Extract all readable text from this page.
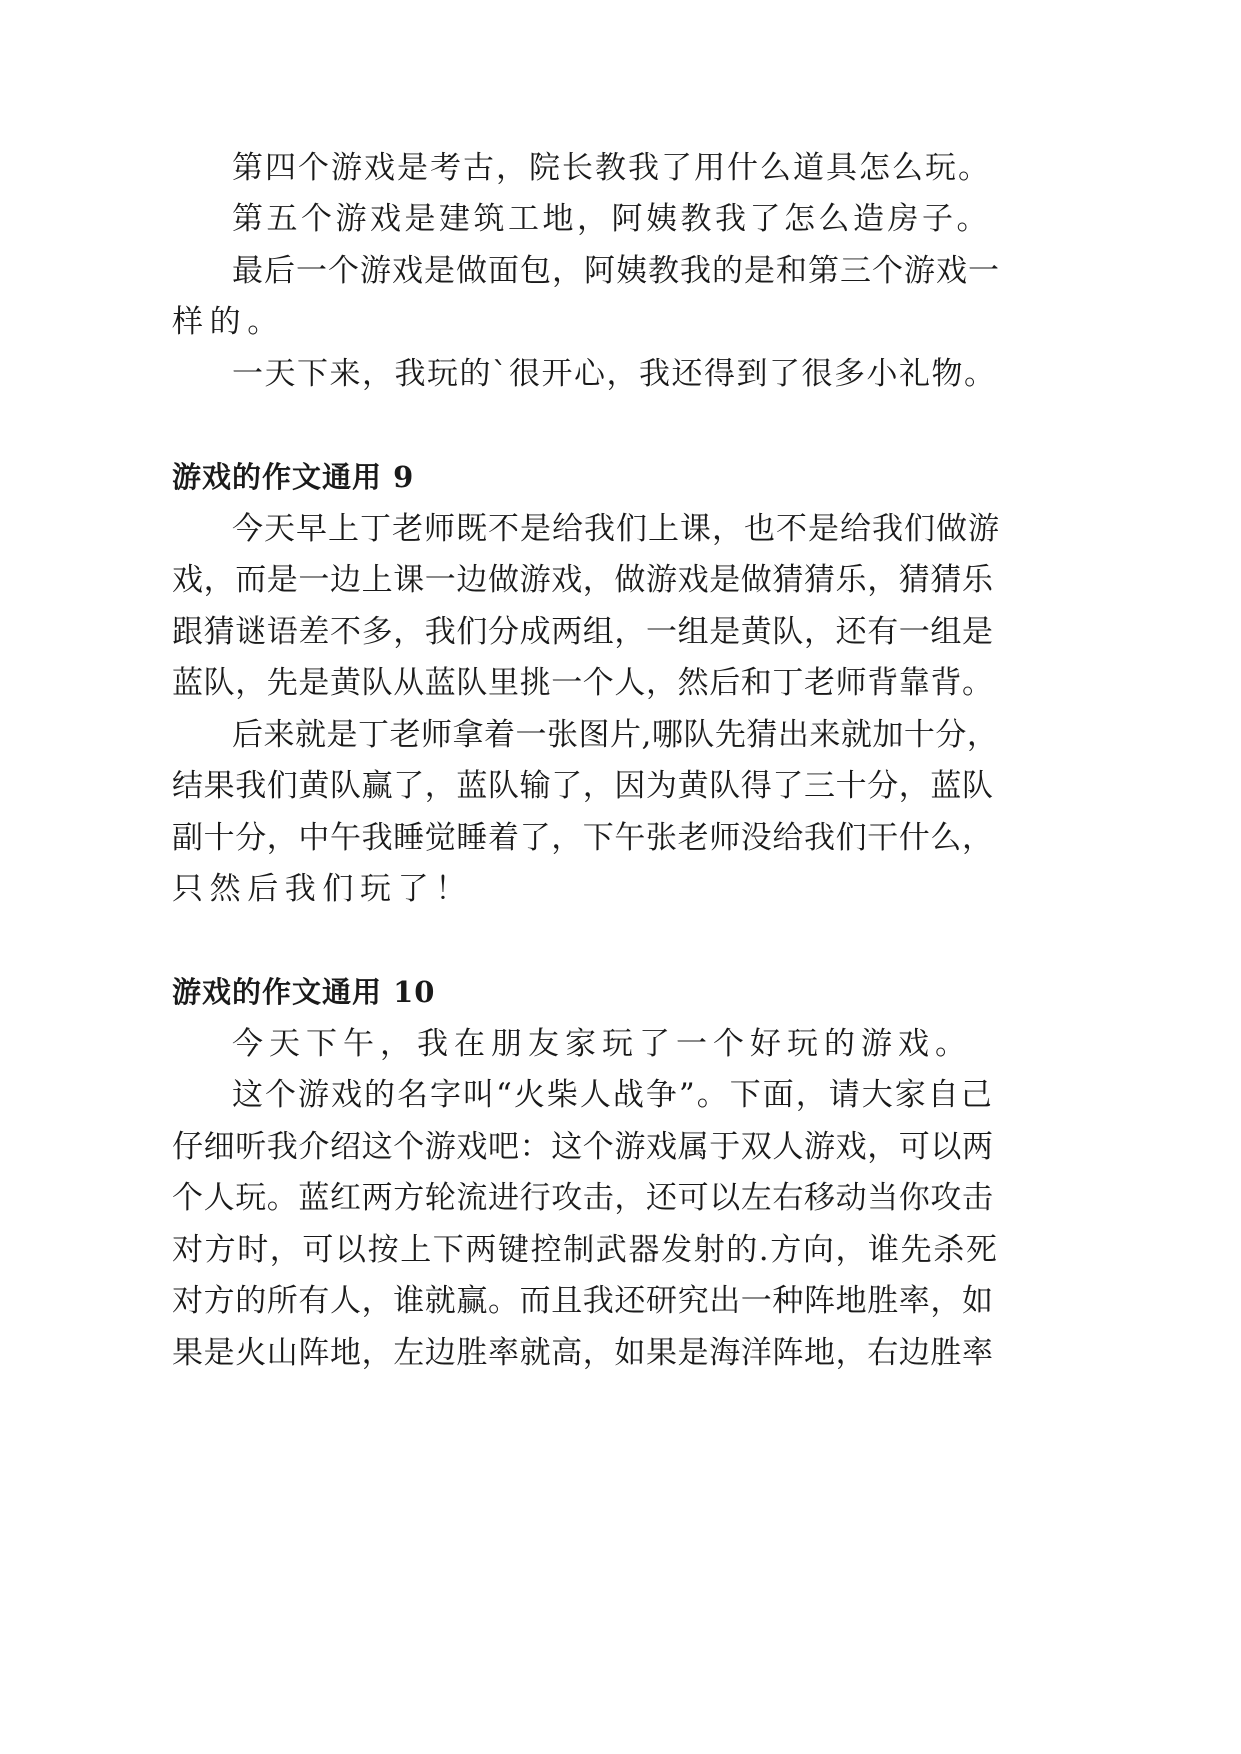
第四个游戏是考古，院长教我了用什么道具怎么玩。

第五个游戏是建筑工地，阿姨教我了怎么造房子。

最后一个游戏是做面包，阿姨教我的是和第三个游戏一

样的。

一天下来，我玩的`很开心，我还得到了很多小礼物。

游戏的作文通用 9

今天早上丁老师既不是给我们上课，也不是给我们做游

戏，而是一边上课一边做游戏，做游戏是做猜猜乐，猜猜乐

跟猜谜语差不多，我们分成两组，一组是黄队，还有一组是

蓝队，先是黄队从蓝队里挑一个人，然后和丁老师背靠背。

后来就是丁老师拿着一张图片,哪队先猜出来就加十分，

结果我们黄队赢了，蓝队输了，因为黄队得了三十分，蓝队

副十分，中午我睡觉睡着了，下午张老师没给我们干什么，

只然后我们玩了！

游戏的作文通用 10

今天下午，我在朋友家玩了一个好玩的游戏。

这个游戏的名字叫“火柴人战争”。下面，请大家自己

仔细听我介绍这个游戏吧：这个游戏属于双人游戏，可以两

个人玩。蓝红两方轮流进行攻击，还可以左右移动当你攻击

对方时，可以按上下两键控制武器发射的.方向，谁先杀死

对方的所有人，谁就赢。而且我还研究出一种阵地胜率，如

果是火山阵地，左边胜率就高，如果是海洋阵地，右边胜率
